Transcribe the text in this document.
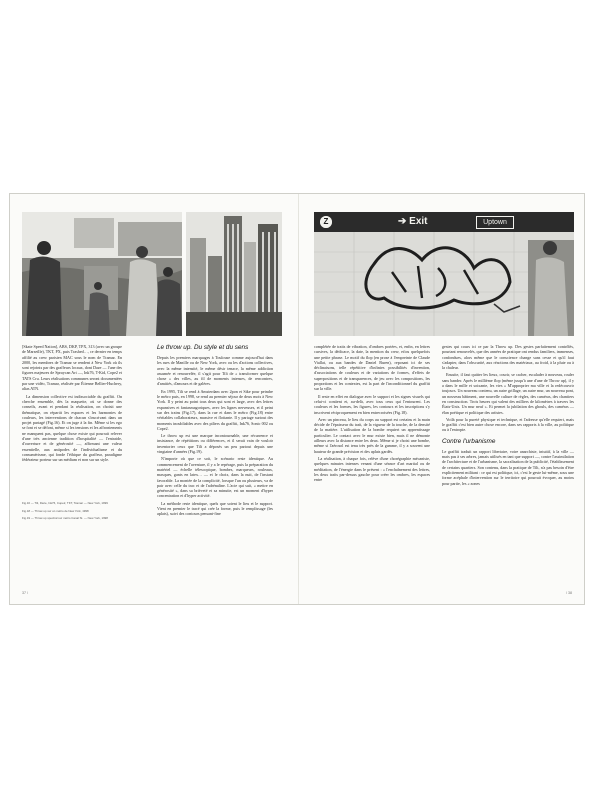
Z	➔ Exit	Uptown

[Skate Speed Nation], ABS, DKP, TPX, 313 (avec un groupe de Marseille), TKT, PX, puis Trashed…, ce dernier en temps affilié au crew parisien MAC sous le nom de Tcamar. En 2000, les membres de Tcamar se rendent à New York où ils sont rejoints par des graffeurs locaux, dont Daze — l'une des figures majeures de Spraycan Art —, Ink76, T-Kid, Cope2 et TATS Cru. Leurs réalisations communes seront documentées par une vidéo, Tcamar, réalisée par Étienne Bellier-Huchery, alias ATN.

La dimension collective est indissociable du graffiti. On cherche ensemble, dès la maquette, où se donne des conseils, avant et pendant la réalisation, on choisit une thématique, on répartit les espaces et les harmonies de couleurs, les interventions de chacun s'inscrivant dans un projet partagé (Fig.16). Et on juge à la fin. Même si les ego se font et se défont, même si les tensions et les affrontements ne manquent pas, quelque chose existe qui pourrait relever d'une très ancienne tradition d'hospitalité — l'entraide, d'ouverture et de générosité —, affirmant une valeur essentielle, aux antipodes de l'individualisme et du consumérisme, qui fonde l'éthique du graffeur, paradigme fédérateur porteur sur un médium et non sur un style.

Le throw up. Du style et du sens

Depuis les premiers marquages à Toulouse comme aujourd'hui dans les rues de Manille ou de New York, avec ou les d'actions collectives, avec la même intensité, le même désir tenace, la même addiction assumée et renouvelée, il s'agit pour Tilt de « transformer quelque chose » des villes, au fil de moments intenses, de rencontres, d'amitiés, d'amours et de galères.

En 1995, Tilt se rend à Amsterdam avec 2pon et Sike pour peindre le métro puis, en 1998, se rend au premier séjour de deux mois à New York. Il y peint au point tous deux qui sont et large, avec des lettres expansives et fantasmagoriques, avec les lignes nerveuses, et il peint sur des trains (Fig.17), dans la rue et dans le métro (Fig.18) entre véritables collaborateurs, massive et flottante. Il y partage surtout des moments inoubliables avec des piliers du graffiti, Ink76, Sonic 002 ou Cope2.

Le throw up est une marque incontournable, une récurrence et insistance, de répétitions ou différences, et il serait vain de vouloir inventorier ceux que Tilt a déposés un peu partout depuis une vingtaine d'années (Fig.19).

N'importe où que ce soit, le scénario reste identique. Au commencement de l'aventure, il y a le repérage, puis la préparation du matériel — échelle télescopique, bombes, marqueurs, rouleaux, masques, gants en latex… — et le choix, dans la nuit, de l'instant favorable. La montée de la complicité, lorsque l'un ou plusieurs, va de pair avec celle du trac et de l'adrénaline. L'acte qui suit, « mettre en générosité », dans sa brièveté et sa minutie, est un moment d'hyper concentration et d'hyper activité.

La méthode reste identique, quels que soient le lieu et le support. Vient en premier le tracé qui crée la forme, puis le remplissage (les aplats), suivi des contours pensant-fine

Fig.16 — Tilt, Daze, Ink76, Cope2, TKT, Tcamar — New York, 1999
Fig.18 — Throw up sur un métro de New York, 1998
Fig.19 — Throw up spectral sur métro Canal St. — New York, 1998

complétée de traits de vibration, d'ombres portées, et, enfin, en lettres cursives, la dédicace, la date, la mention du crew, et/ou quelquefois une petite phrase. Le motif du flop (en prose à l'empreinte de Claude Viallat, ou aux bandes de Daniel Buren), reposant ici de ses déclinaisons, telle répétitive d'infinies possibilités d'invention, d'associations de couleurs et de variations de formes, d'effets de superpositions et de transparences, de jeu avec les compositions, les proportions et les contextes, est la part de l'inconditionnel du graffiti sur la ville.

Il reste en effet en dialogue avec le support et les signes visuels qui celui-ci contient et, au-delà, avec tous ceux qui l'entourent. Les couleurs et les formes, les figures, les contours et les inscriptions s'y inscrivent réciproquement en bien entrecroisées (Fig.18).

Avec un pinceau, le lieu du corps au support est certains et la main décide de l'épaisseur du trait, de la vigueur de la touche, de la densité de la matière. L'utilisation de la bombe requiert un apprentissage particulier. Le contact avec le mur existe bien, mais il ne démonte ailleurs avec la distance entre les deux. Même si je choisi une bombe, même si l'aérosol est tenu très près de la gamme, il y a souvent une hauteur de grande précision et des aplats gardés.

La réalisation, à chaque fois, relève d'une chorégraphie mécaniste, quelques minutes intenses venant d'une séance d'art martial ou de méditation, de l'énergie dans le présent : « l'enchaînement des lettres, les deux traits par-dessus gauche pour créer les ombres, les espaces entre

gestes qui cours ici ce par la Throw up. Des gestes parfaitement contrôlés, pourtant renouvelés, que des années de pratique ont rendus familiers, immenses, confondues, alors même que le conscience change sans cesse et qu'il faut s'adapter, dans l'obscurité, aux réactions des matériaux, au froid, à la pluie ou à la chaleur.

Ensuite, il faut quitter les lieux, courir, se cacher, escalader à nouveau, rouler sans bander. Après le millième flop (même jusqu'à une d'une de Throw up), il y a dans le mille et soixante, les vies « M'approprier ma ville et la redécouvrir toujours. Un nouveau contenu, un autre grillage, un autre mur, un nouveau pont, un nouveau bâtiment, une nouvelle culture de règles, des caméras, des chantiers en construction. Trois heures qui valent des milliers de kilomètres à travers les États-Unis. Un mur neuf ». Et permet la jubilation des ghouls, des caméras — élan poétique et politique des artistes.

Voilà pour la pureté physique et technique, et l'adresse qu'elle requiert, mais le graffiti c'est bien autre chose encore, dans ses rapports à la ville, au politique ou à l'entropie.

Contre l'urbanisme

Le graffiti traduit un rapport libertaire, voire anarchiste, intuitif, à la ville — mais pas à ses arbres, jamais utilisés en tant que support —, contre l'assimilation de l'architecture et de l'urbanisme, la sacralisation de la publicité, l'établissement de certains quartiers. Son contenu, dans la pratique de Tilt, n'a pas besoin d'être explicitement militant : ce qui est politique, ici, c'est le geste lui-même, sous une forme acéphale d'intervention sur le territoire qui pourrait évoquer, au moins pour partie, les « zones

37 /	/ 38
